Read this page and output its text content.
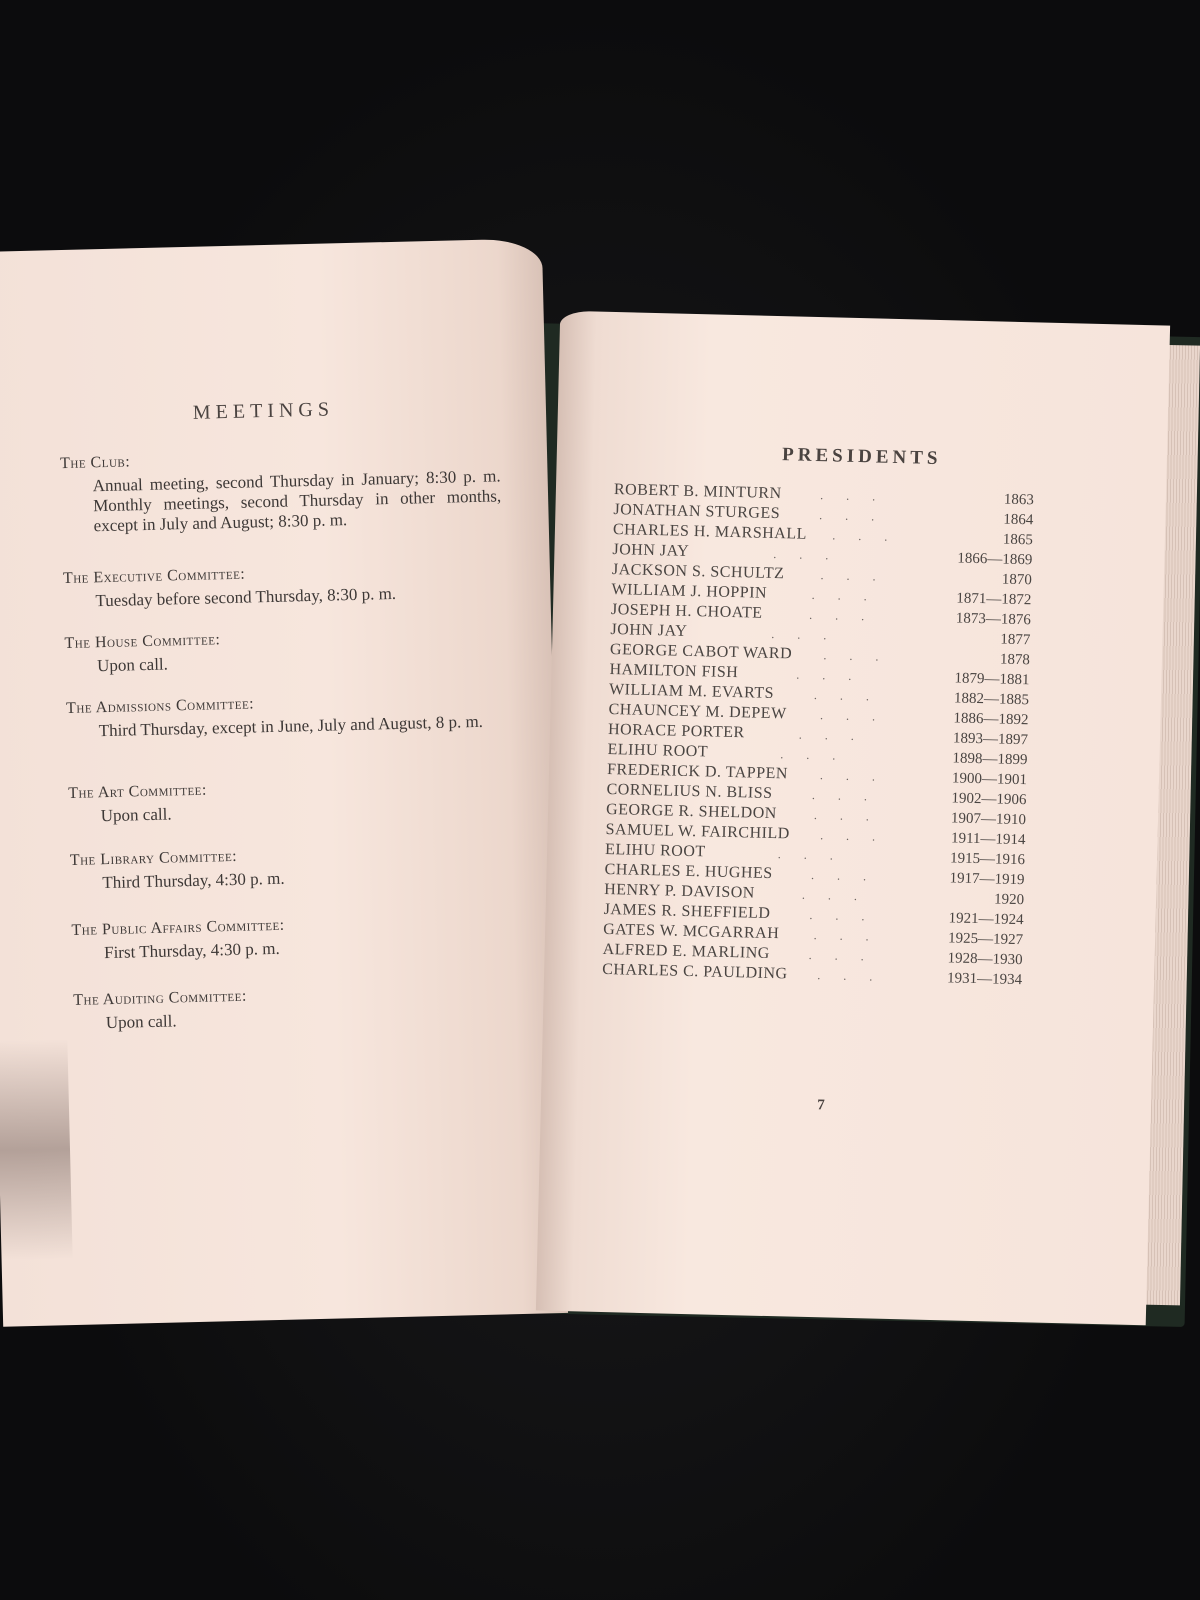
MEETINGS
The Club:
Annual meeting, second Thursday in January; 8:30 p. m. Monthly meetings, second Thursday in other months, except in July and August; 8:30 p. m.
The Executive Committee:
Tuesday before second Thursday, 8:30 p. m.
The House Committee:
Upon call.
The Admissions Committee:
Third Thursday, except in June, July and August, 8 p. m.
The Art Committee:
Upon call.
The Library Committee:
Third Thursday, 4:30 p. m.
The Public Affairs Committee:
First Thursday, 4:30 p. m.
The Auditing Committee:
Upon call.
PRESIDENTS
ROBERT B. MINTURN	. . .	1863
JONATHAN STURGES	. . .	1864
CHARLES H. MARSHALL	. . .	1865
JOHN JAY	. . .	1866—1869
JACKSON S. SCHULTZ	. . .	1870
WILLIAM J. HOPPIN	. . .	1871—1872
JOSEPH H. CHOATE	. . .	1873—1876
JOHN JAY	. . .	1877
GEORGE CABOT WARD	. . .	1878
HAMILTON FISH	. . .	1879—1881
WILLIAM M. EVARTS	. . .	1882—1885
CHAUNCEY M. DEPEW	. . .	1886—1892
HORACE PORTER	. . .	1893—1897
ELIHU ROOT	. . .	1898—1899
FREDERICK D. TAPPEN	. . .	1900—1901
CORNELIUS N. BLISS	. . .	1902—1906
GEORGE R. SHELDON	. . .	1907—1910
SAMUEL W. FAIRCHILD	. . .	1911—1914
ELIHU ROOT	. . .	1915—1916
CHARLES E. HUGHES	. . .	1917—1919
HENRY P. DAVISON	. . .	1920
JAMES R. SHEFFIELD	. . .	1921—1924
GATES W. MCGARRAH	. . .	1925—1927
ALFRED E. MARLING	. . .	1928—1930
CHARLES C. PAULDING	. . .	1931—1934
7
